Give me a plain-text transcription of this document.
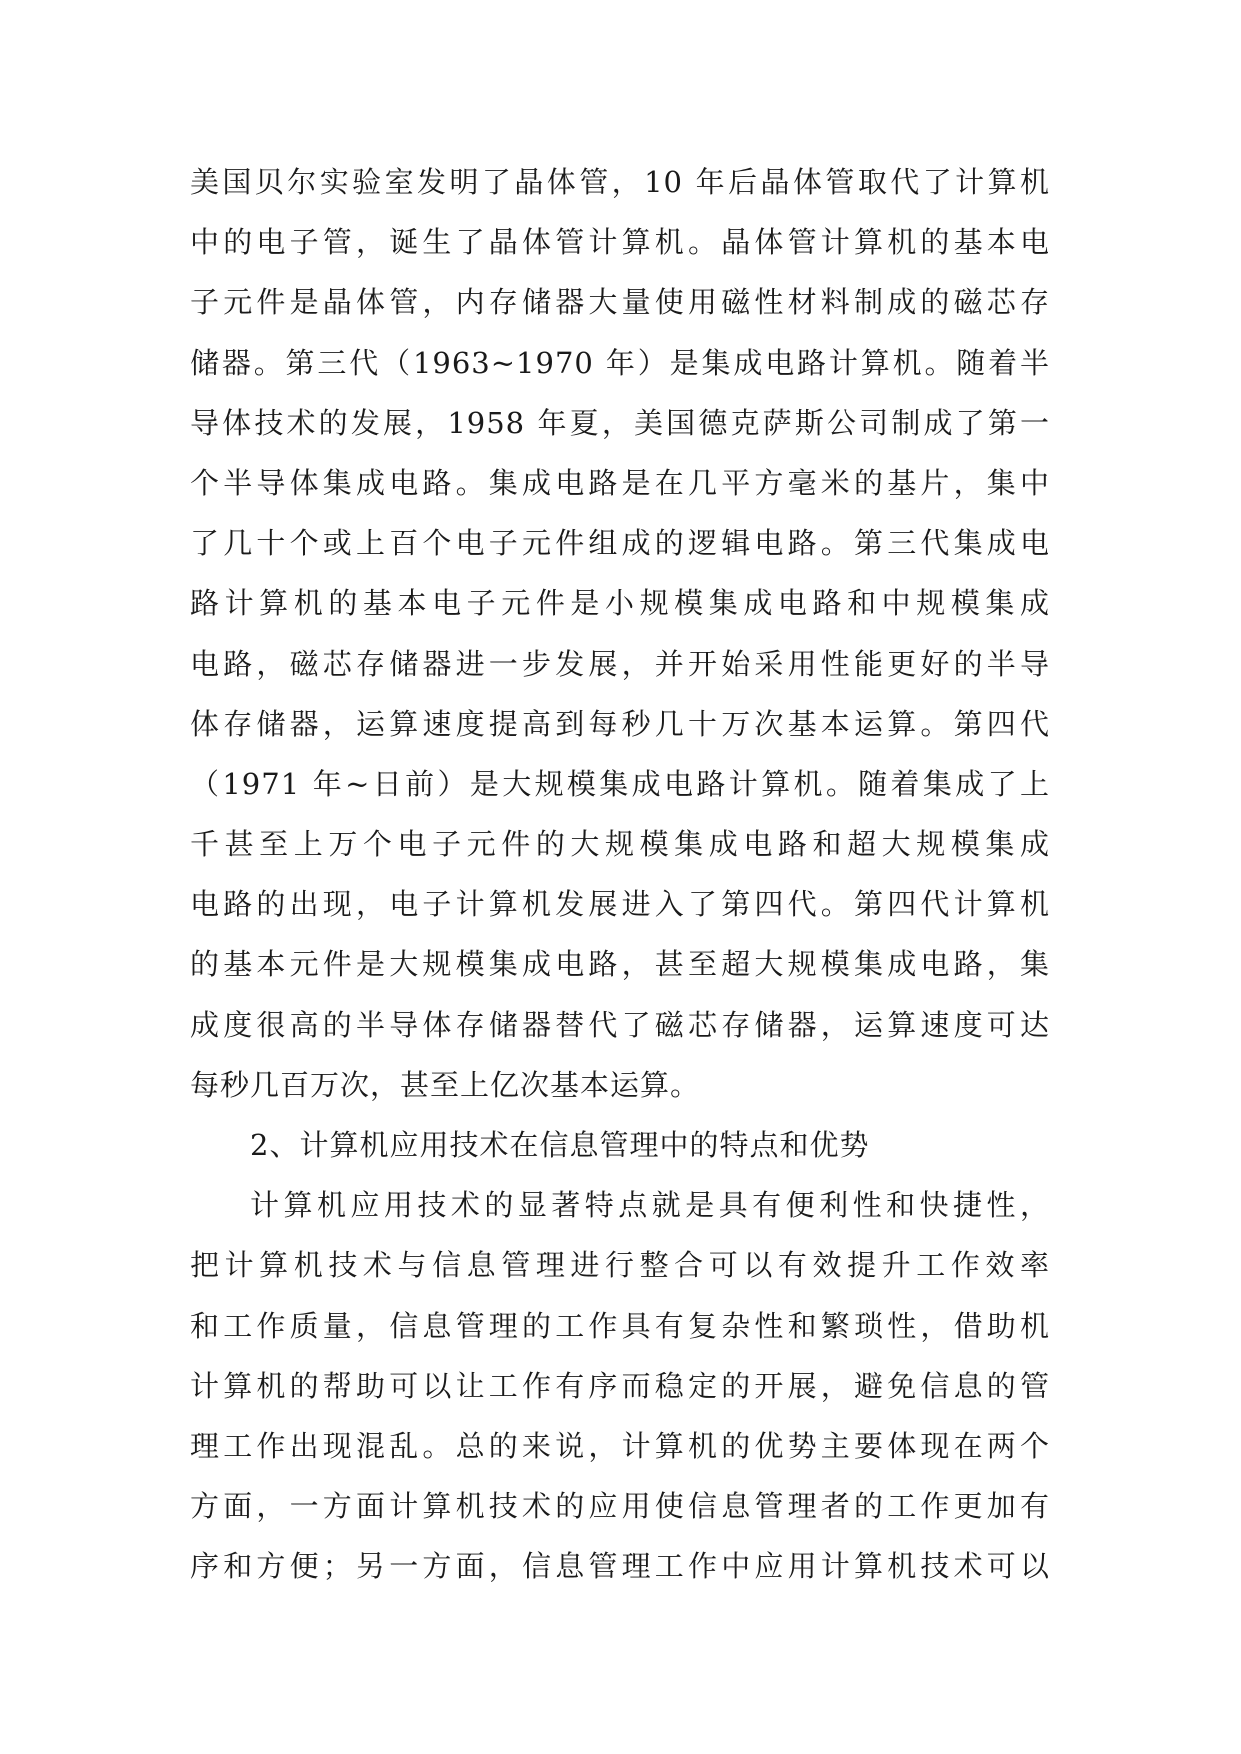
美国贝尔实验室发明了晶体管，10 年后晶体管取代了计算机
中的电子管，诞生了晶体管计算机。晶体管计算机的基本电
子元件是晶体管，内存储器大量使用磁性材料制成的磁芯存
储器。第三代（1963~1970 年）是集成电路计算机。随着半
导体技术的发展，1958 年夏，美国德克萨斯公司制成了第一
个半导体集成电路。集成电路是在几平方毫米的基片，集中
了几十个或上百个电子元件组成的逻辑电路。第三代集成电
路计算机的基本电子元件是小规模集成电路和中规模集成
电路，磁芯存储器进一步发展，并开始采用性能更好的半导
体存储器，运算速度提高到每秒几十万次基本运算。第四代
（1971 年~日前）是大规模集成电路计算机。随着集成了上
千甚至上万个电子元件的大规模集成电路和超大规模集成
电路的出现，电子计算机发展进入了第四代。第四代计算机
的基本元件是大规模集成电路，甚至超大规模集成电路，集
成度很高的半导体存储器替代了磁芯存储器，运算速度可达
每秒几百万次，甚至上亿次基本运算。
2、计算机应用技术在信息管理中的特点和优势
计算机应用技术的显著特点就是具有便利性和快捷性，
把计算机技术与信息管理进行整合可以有效提升工作效率
和工作质量，信息管理的工作具有复杂性和繁琐性，借助机
计算机的帮助可以让工作有序而稳定的开展，避免信息的管
理工作出现混乱。总的来说，计算机的优势主要体现在两个
方面，一方面计算机技术的应用使信息管理者的工作更加有
序和方便；另一方面，信息管理工作中应用计算机技术可以
